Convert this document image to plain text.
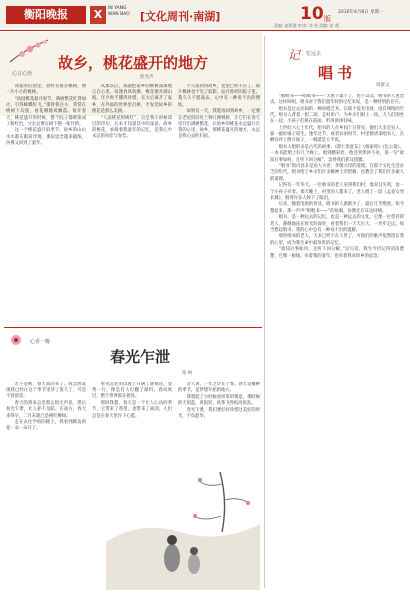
衡阳晚报	X	IN YANG
WAN BAO [文化周刊·南湖]	10 版
2016年4月8日 星期一
责编: 赵铭漫 审读: 刘 苑 美编: 赵 霞
心言心语
故乡，桃花盛开的地方
彭光声

我家的后园里，曾经有很多桃树，像一片小小的桃林。

“故园桃花最开时节，满树繁花红得如火，引得蜂蝶纷飞。”那时我还小，常常在桃树下玩耍，看花瓣随风飘落。每年春天，桃花盛开的时候，整个院子都被染成了粉红色，父亲总要在树下摆一张竹椅。

这一个桃花盛开的季节，故乡的山山水水都在眼前浮现，那份思念越来越浓，仿佛又回到了童年。

从那以后，我就把家乡的桃树深深地记在心里。每逢春风吹拂，桃花便开满山坡。年少时不懂得珍惜，长大后离开了家乡，在外面的世界里打拼，才发觉故乡的桃花是那么美丽。

“人面桃花相映红”，这是我小时候读过的诗句，后来才知道其中的深意。故乡的桃花，承载着我童年的记忆，是我心中永远的牵挂与眷恋。

不久前回到故乡，老屋已经不在了，那片桃林也不见了踪影。站在曾经的院子里，我久久不愿离去，心中有一种说不出的惆怅。

如果有一天，我能再回到故乡，一定要在老屋的旧址上种几棵桃树，让它们在春天里开出满树繁花，让故乡的桃花永远盛开在我的心里。故乡，那桃花盛开的地方，永远是我心灵的归宿。

心香一瓣
春光乍泄
张 柯

若不是被，春天真的来了。我忽然发现我已经在这个季节里待了很久了，可是不曾留意。

春天的到来总是那么悄无声息，然后春光乍泄，让人猝不及防。在南方，春天来得早，二月末就已是桃红柳绿。

走在去往学校的路上，我看到路边的花一朵一朵开了。

看见远处的山坡上开满了油菜花，金黄一片，像是有人打翻了颜料。春风吹过，整个世界都在摇晃。

那时我想，春天是一个让人心动的季节，它带来了希望，也带来了离别，人们总是在春天里许下心愿。

诗人说，一年之计在于春。春天是播种的季节，是梦想开始的地方。

我想起了小时候放风筝的情景，那时候的天很蓝，风很轻，风筝飞得很高很高。

春光乍泄，我们要好好珍惜这美好的时光，不负韶华。

记 忆远去
唱书
周群文

“唱唱书——唱唱书——”天底下最不了，也不以卖，唱书的人也比卖，这样叫唱。唱书对于我们童年时的记忆来说，是一种特别的存在。

唱书是过去民间的一种说唱艺术。在那个没有电视、没有网络的年代，唱书人背着一把二胡，走村串户，为乡亲们唱上一段。大人们围坐在一起，小孩子们挤在前面，听得津津有味。

上世纪六七十年代，唱书的人在乡间十分常见。他们大多是盲人，靠一副好嗓子谋生。逢年过节，或者农闲时节，村里便请来唱书人，在晒谷坪上摆开场子，一唱就是大半夜。

唱书人唱的多是古代的故事，《薛仁贵征东》《杨家将》《包公案》，一本书能唱上好几个晚上。唱到精彩处，他会突然停下来，说一句“欲知后事如何，且听下回分解”，急得我们抓耳挠腮。

“唱书”的内容多是劝人为善、孝敬父母的道理。在那个文化生活贫乏的年代，唱书给了乡亲们许多精神上的慰藉，也教会了我们许多做人的道理。

记得有一年冬天，一位唱书的老人来到我们村，他双目失明，由一个小孙子牵着。那天晚上，村里的人都来了，老人唱了一段《孟姜女哭长城》，唱得许多人掉下了眼泪。

后来，随着电视的普及，唱书的人渐渐少了，最后几乎绝迹。如今想起来，那一声声“唱唱书——”的吆喝，仿佛还在耳边回响。

唱书，是一种远去的记忆，也是一种远去的文化。它像一位慈祥的老人，静静地站在时光的深处，看着我们一天天长大，一步步走远。每当想起唱书，我的心中总有一种说不出的温暖。

那些唱书的老人，大多已经不在人世了，可他们的歌声依然留在我的心里，成为我生命中最珍贵的记忆。

“欲知后事如何，且听下回分解。”这句话，我至今仍记得清清楚楚，它像一根线，牵着我的童年，也牵着我对故乡的思念。
